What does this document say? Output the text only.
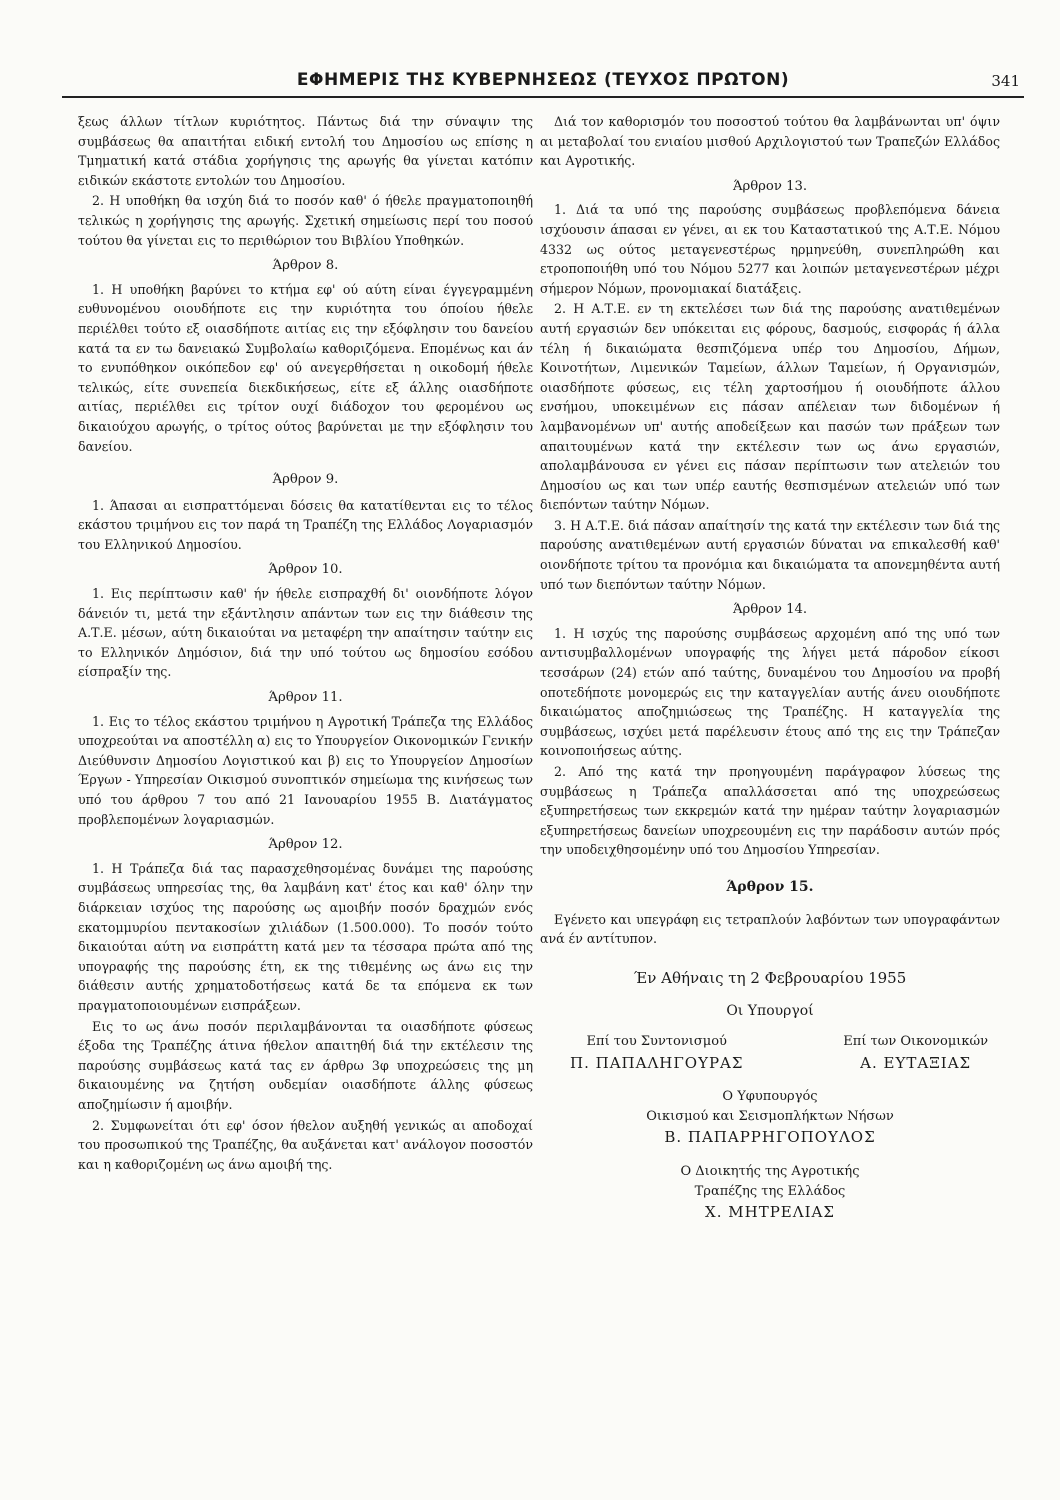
ΕΦΗΜΕΡΙΣ ΤΗΣ ΚΥΒΕΡΝΗΣΕΩΣ (ΤΕΥΧΟΣ ΠΡΩΤΟΝ)	341

ξεως άλλων τίτλων κυριότητος. Πάντως διά την σύναψιν της συμβάσεως θα απαιτήται ειδική εντολή του Δημοσίου ως επίσης η Τμηματική κατά στάδια χορήγησις της αρωγής θα γίνεται κατόπιν ειδικών εκάστοτε εντολών του Δημοσίου.

2. Η υποθήκη θα ισχύη διά το ποσόν καθ' ό ήθελε πραγματοποιηθή τελικώς η χορήγησις της αρωγής. Σχετική σημείωσις περί του ποσού τούτου θα γίνεται εις το περιθώριον του Βιβλίου Υποθηκών.

Άρθρον 8.

1. Η υποθήκη βαρύνει το κτήμα εφ' ού αύτη είναι έγγεγραμμένη ευθυνομένου οιουδήποτε εις την κυριότητα του όποίου ήθελε περιέλθει τούτο εξ οιασδήποτε αιτίας εις την εξόφλησιν του δανείου κατά τα εν τω δανειακώ Συμβολαίω καθοριζόμενα. Επομένως και άν το ενυπόθηκον οικόπεδον εφ' ού ανεγερθήσεται η οικοδομή ήθελε τελικώς, είτε συνεπεία διεκδικήσεως, είτε εξ άλλης οιασδήποτε αιτίας, περιέλθει εις τρίτον ουχί διάδοχον του φερομένου ως δικαιούχου αρωγής, ο τρίτος ούτος βαρύνεται με την εξόφλησιν του δανείου.

Άρθρον 9.

1. Άπασαι αι εισπραττόμεναι δόσεις θα κατατίθενται εις το τέλος εκάστου τριμήνου εις τον παρά τη Τραπέζη της Ελλάδος Λογαριασμόν του Ελληνικού Δημοσίου.

Άρθρον 10.

1. Εις περίπτωσιν καθ' ήν ήθελε εισπραχθή δι' οιονδήποτε λόγον δάνειόν τι, μετά την εξάντλησιν απάντων των εις την διάθεσιν της Α.Τ.Ε. μέσων, αύτη δικαιούται να μεταφέρη την απαίτησιν ταύτην εις το Ελληνικόν Δημόσιον, διά την υπό τούτου ως δημοσίου εσόδου είσπραξίν της.

Άρθρον 11.

1. Εις το τέλος εκάστου τριμήνου η Αγροτική Τράπεζα της Ελλάδος υποχρεούται να αποστέλλη α) εις το Υπουργείον Οικονομικών Γενικήν Διεύθυνσιν Δημοσίου Λογιστικού και β) εις το Υπουργείον Δημοσίων Έργων - Υπηρεσίαν Οικισμού συνοπτικόν σημείωμα της κινήσεως των υπό του άρθρου 7 του από 21 Ιανουαρίου 1955 Β. Διατάγματος προβλεπομένων λογαριασμών.

Άρθρον 12.

1. Η Τράπεζα διά τας παρασχεθησομένας δυνάμει της παρούσης συμβάσεως υπηρεσίας της, θα λαμβάνη κατ' έτος και καθ' όλην την διάρκειαν ισχύος της παρούσης ως αμοιβήν ποσόν δραχμών ενός εκατομμυρίου πεντακοσίων χιλιάδων (1.500.000). Το ποσόν τούτο δικαιούται αύτη να εισπράττη κατά μεν τα τέσσαρα πρώτα από της υπογραφής της παρούσης έτη, εκ της τιθεμένης ως άνω εις την διάθεσιν αυτής χρηματοδοτήσεως κατά δε τα επόμενα εκ των πραγματοποιουμένων εισπράξεων.

Εις το ως άνω ποσόν περιλαμβάνονται τα οιασδήποτε φύσεως έξοδα της Τραπέζης άτινα ήθελον απαιτηθή διά την εκτέλεσιν της παρούσης συμβάσεως κατά τας εν άρθρω 3φ υποχρεώσεις της μη δικαιουμένης να ζητήση ουδεμίαν οιασδήποτε άλλης φύσεως αποζημίωσιν ή αμοιβήν.

2. Συμφωνείται ότι εφ' όσον ήθελον αυξηθή γενικώς αι αποδοχαί του προσωπικού της Τραπέζης, θα αυξάνεται κατ' ανάλογον ποσοστόν και η καθοριζομένη ως άνω αμοιβή της.

Διά τον καθορισμόν του ποσοστού τούτου θα λαμβάνωνται υπ' όψιν αι μεταβολαί του ενιαίου μισθού Αρχιλογιστού των Τραπεζών Ελλάδος και Αγροτικής.

Άρθρον 13.

1. Διά τα υπό της παρούσης συμβάσεως προβλεπόμενα δάνεια ισχύουσιν άπασαι εν γένει, αι εκ του Καταστατικού της Α.Τ.Ε. Νόμου 4332 ως ούτος μεταγενεστέρως ηρμηνεύθη, συνεπληρώθη και ετροποποιήθη υπό του Νόμου 5277 και λοιπών μεταγενεστέρων μέχρι σήμερον Νόμων, προνομιακαί διατάξεις.

2. Η Α.Τ.Ε. εν τη εκτελέσει των διά της παρούσης ανατιθεμένων αυτή εργασιών δεν υπόκειται εις φόρους, δασμούς, εισφοράς ή άλλα τέλη ή δικαιώματα θεσπιζόμενα υπέρ του Δημοσίου, Δήμων, Κοινοτήτων, Λιμενικών Ταμείων, άλλων Ταμείων, ή Οργανισμών, οιασδήποτε φύσεως, εις τέλη χαρτοσήμου ή οιουδήποτε άλλου ενσήμου, υποκειμένων εις πάσαν απέλειαν των διδομένων ή λαμβανομένων υπ' αυτής αποδείξεων και πασών των πράξεων των απαιτουμένων κατά την εκτέλεσιν των ως άνω εργασιών, απολαμβάνουσα εν γένει εις πάσαν περίπτωσιν των ατελειών του Δημοσίου ως και των υπέρ εαυτής θεσπισμένων ατελειών υπό των διεπόντων ταύτην Νόμων.

3. Η Α.Τ.Ε. διά πάσαν απαίτησίν της κατά την εκτέλεσιν των διά της παρούσης ανατιθεμένων αυτή εργασιών δύναται να επικαλεσθή καθ' οιονδήποτε τρίτου τα προνόμια και δικαιώματα τα απονεμηθέντα αυτή υπό των διεπόντων ταύτην Νόμων.

Άρθρον 14.

1. Η ισχύς της παρούσης συμβάσεως αρχομένη από της υπό των αντισυμβαλλομένων υπογραφής της λήγει μετά πάροδον είκοσι τεσσάρων (24) ετών από ταύτης, δυναμένου του Δημοσίου να προβή οποτεδήποτε μονομερώς εις την καταγγελίαν αυτής άνευ οιουδήποτε δικαιώματος αποζημιώσεως της Τραπέζης. Η καταγγελία της συμβάσεως, ισχύει μετά παρέλευσιν έτους από της εις την Τράπεζαν κοινοποιήσεως αύτης.

2. Από της κατά την προηγουμένη παράγραφον λύσεως της συμβάσεως η Τράπεζα απαλλάσσεται από της υποχρεώσεως εξυπηρετήσεως των εκκρεμών κατά την ημέραν ταύτην λογαριασμών εξυπηρετήσεως δανείων υποχρεουμένη εις την παράδοσιν αυτών πρός την υποδειχθησομένην υπό του Δημοσίου Υπηρεσίαν.

Άρθρον 15.

Εγένετο και υπεγράφη εις τετραπλούν λαβόντων των υπογραφάντων ανά έν αντίτυπον.

Έν Αθήναις τη 2 Φεβρουαρίου 1955
Οι Υπουργοί
Επί του Συντονισμού
Π. ΠΑΠΑΛΗΓΟΥΡΑΣ
Επί των Οικονομικών
Α. ΕΥΤΑΞΙΑΣ
Ο Υφυπουργός
Οικισμού και Σεισμοπλήκτων Νήσων
Β. ΠΑΠΑΡΡΗΓΟΠΟΥΛΟΣ
Ο Διοικητής της Αγροτικής
Τραπέζης της Ελλάδος
Χ. ΜΗΤΡΕΛΙΑΣ
